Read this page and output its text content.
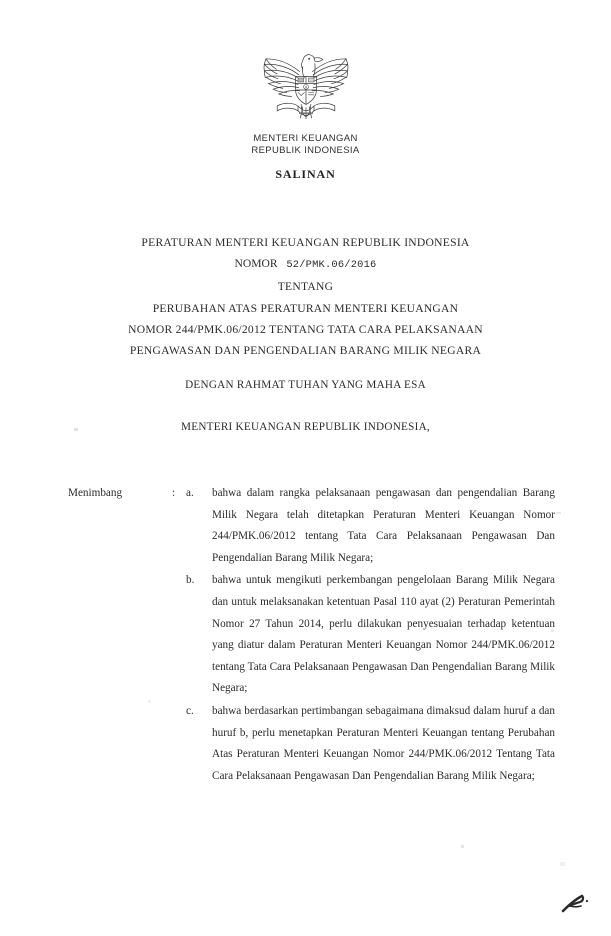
MENTERI KEUANGAN
REPUBLIK INDONESIA
SALINAN
PERATURAN MENTERI KEUANGAN REPUBLIK INDONESIA
NOMOR 52/PMK.06/2016
TENTANG
PERUBAHAN ATAS PERATURAN MENTERI KEUANGAN
NOMOR 244/PMK.06/2012 TENTANG TATA CARA PELAKSANAAN
PENGAWASAN DAN PENGENDALIAN BARANG MILIK NEGARA
DENGAN RAHMAT TUHAN YANG MAHA ESA
MENTERI KEUANGAN REPUBLIK INDONESIA,
Menimbang	: a.	bahwa dalam rangka pelaksanaan pengawasan dan pengendalian Barang Milik Negara telah ditetapkan Peraturan Menteri Keuangan Nomor 244/PMK.06/2012 tentang Tata Cara Pelaksanaan Pengawasan Dan Pengendalian Barang Milik Negara;
b.	bahwa untuk mengikuti perkembangan pengelolaan Barang Milik Negara dan untuk melaksanakan ketentuan Pasal 110 ayat (2) Peraturan Pemerintah Nomor 27 Tahun 2014, perlu dilakukan penyesuaian terhadap ketentuan yang diatur dalam Peraturan Menteri Keuangan Nomor 244/PMK.06/2012 tentang Tata Cara Pelaksanaan Pengawasan Dan Pengendalian Barang Milik Negara;
c.	bahwa berdasarkan pertimbangan sebagaimana dimaksud dalam huruf a dan huruf b, perlu menetapkan Peraturan Menteri Keuangan tentang Perubahan Atas Peraturan Menteri Keuangan Nomor 244/PMK.06/2012 Tentang Tata Cara Pelaksanaan Pengawasan Dan Pengendalian Barang Milik Negara;
